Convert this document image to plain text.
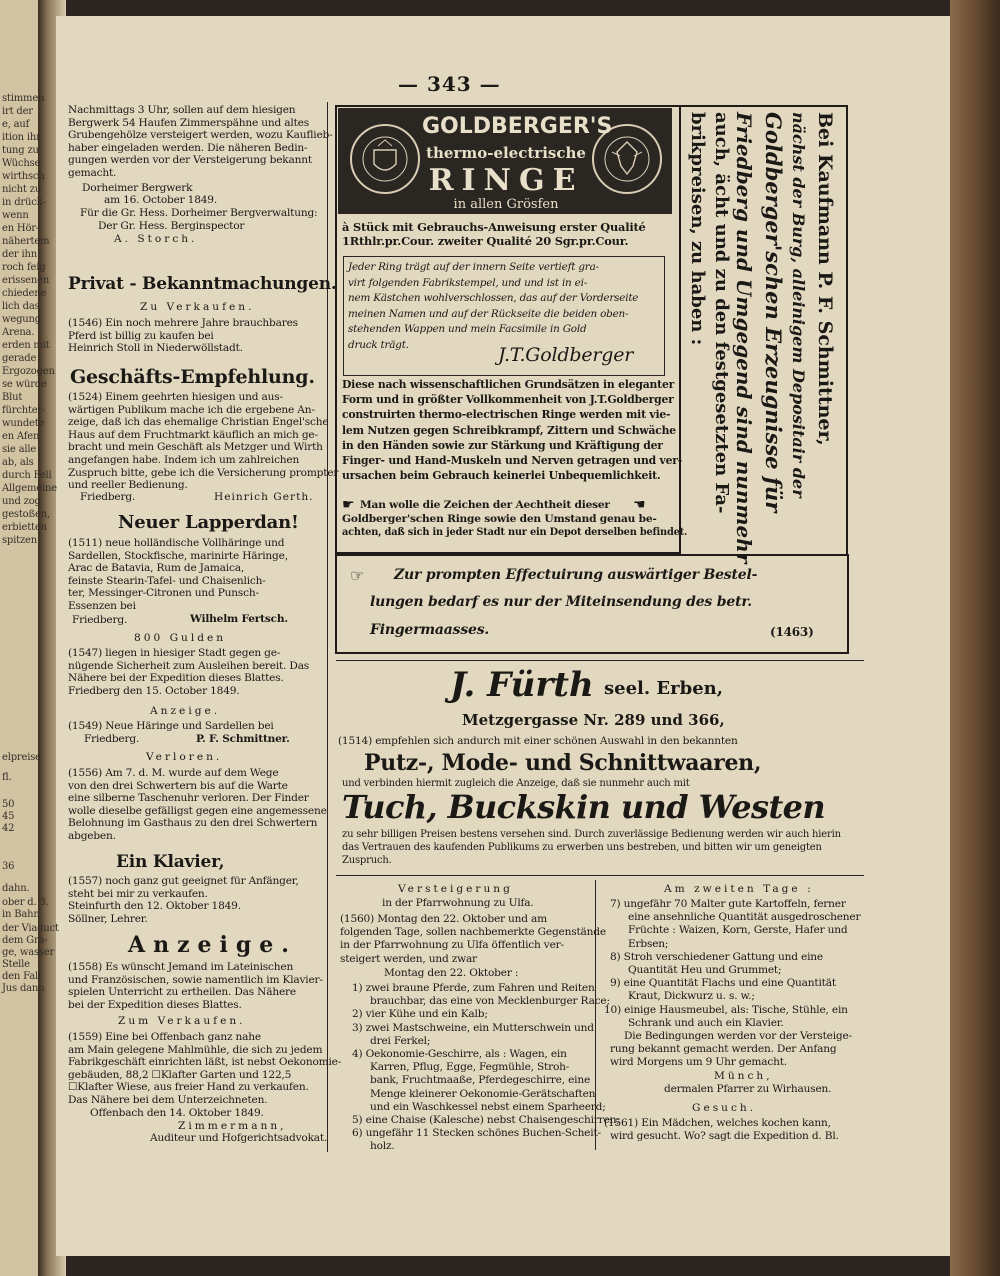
stimmen
irt der
e, auf
ition ihr
tung zu
Wüchse
wirthsch
nicht zu
in drück-
wenn
en Hör-
nähertem
der ihn
roch feig
erissenen
chiedene
lich das
wegung
Arena.
erden mit
gerade
Ergozogen
se würde
Blut
fürchter-
wundete
en Afen
sie alle
ab, als
durch Fell
Allgemeine
und zog
gestoßen,
erbietten
spitzen
elpreise
fl.
50
45
42
36
dahn.
ober d. 3.
in Bahn
der Viaduct
dem Gra-
ge, wasser
Stelle
den Fall
Jus dann
— 343 —
Nachmittags 3 Uhr, sollen auf dem hiesigen
Bergwerk 54 Haufen Zimmerspähne und altes
Grubengehölze versteigert werden, wozu Kauflieb-
haber eingeladen werden. Die näheren Bedin-
gungen werden vor der Versteigerung bekannt
gemacht.
Dorheimer Bergwerk
am 16. October 1849.
Für die Gr. Hess. Dorheimer Bergverwaltung:
Der Gr. Hess. Berginspector
A. Storch.
Privat - Bekanntmachungen.
Zu Verkaufen.
(1546) Ein noch mehrere Jahre brauchbares
Pferd ist billig zu kaufen bei
Heinrich Stoll in Niederwöllstadt.
Geschäfts-Empfehlung.
(1524) Einem geehrten hiesigen und aus-
wärtigen Publikum mache ich die ergebene An-
zeige, daß ich das ehemalige Christian Engel'sche
Haus auf dem Fruchtmarkt käuflich an mich ge-
bracht und mein Geschäft als Metzger und Wirth
angefangen habe. Indem ich um zahlreichen
Zuspruch bitte, gebe ich die Versicherung prompter
und reeller Bedienung.
Friedberg.	Heinrich Gerth.
Neuer Lapperdan!
(1511) neue holländische Vollhäringe und
Sardellen, Stockfische, marinirte Häringe,
Arac de Batavia, Rum de Jamaica,
feinste Stearin-Tafel- und Chaisenlich-
ter, Messinger-Citronen und Punsch-
Essenzen bei
Friedberg.	Wilhelm Fertsch.
800 Gulden
(1547) liegen in hiesiger Stadt gegen ge-
nügende Sicherheit zum Ausleihen bereit. Das
Nähere bei der Expedition dieses Blattes.
Friedberg den 15. October 1849.
Anzeige.
(1549) Neue Häringe und Sardellen bei
Friedberg.	P. F. Schmittner.
Verloren.
(1556) Am 7. d. M. wurde auf dem Wege
von den drei Schwertern bis auf die Warte
eine silberne Taschenuhr verloren. Der Finder
wolle dieselbe gefälligst gegen eine angemessene
Belohnung im Gasthaus zu den drei Schwertern
abgeben.
Ein Klavier,
(1557) noch ganz gut geeignet für Anfänger,
steht bei mir zu verkaufen.
Steinfurth den 12. Oktober 1849.
Söllner, Lehrer.
Anzeige.
(1558) Es wünscht Jemand im Lateinischen
und Französischen, sowie namentlich im Klavier-
spielen Unterricht zu ertheilen. Das Nähere
bei der Expedition dieses Blattes.
Zum Verkaufen.
(1559) Eine bei Offenbach ganz nahe
am Main gelegene Mahlmühle, die sich zu jedem
Fabrikgeschäft einrichten läßt, ist nebst Oekonomie-
gebäuden, 88,2 ☐Klafter Garten und 122,5
☐Klafter Wiese, aus freier Hand zu verkaufen.
Das Nähere bei dem Unterzeichneten.
Offenbach den 14. Oktober 1849.
Zimmermann,
Auditeur und Hofgerichtsadvokat.
GOLDBERGER'S
thermo-electrische
RINGE
in allen Grösfen
à Stück mit Gebrauchs-Anweisung erster Qualité
1Rthlr.pr.Cour. zweiter Qualité 20 Sgr.pr.Cour.
Jeder Ring trägt auf der innern Seite vertieft gra-
virt folgenden Fabrikstempel, und und ist in ei-
nem Kästchen wohlverschlossen, das auf der Vorderseite
meinen Namen und auf der Rückseite die beiden oben-
stehenden Wappen und mein Facsimile in Gold
druck trägt.	J.T.Goldberger
Diese nach wissenschaftlichen Grundsätzen in eleganter
Form und in größter Vollkommenheit von J.T.Goldberger
construirten thermo-electrischen Ringe werden mit vie-
lem Nutzen gegen Schreibkrampf, Zittern und Schwäche
in den Händen sowie zur Stärkung und Kräftigung der
Finger- und Hand-Muskeln und Nerven getragen und ver-
ursachen beim Gebrauch keinerlei Unbequemlichkeit.
Man wolle die Zeichen der Aechtheit dieser
Goldberger'schen Ringe sowie den Umstand genau be-
achten, daß sich in jeder Stadt nur ein Depot derselben befindet.
☛	☚
☞
Bei Kaufmann P. F. Schmittner,
nächst der Burg, alleinigem Depositair der
Goldberger'schen Erzeugnisse für
Friedberg und Umgegend sind nunmehr
auch, ächt und zu den festgesetzten Fa-
brikpreisen, zu haben :
Zur prompten Effectuirung auswärtiger Bestel-
lungen bedarf es nur der Miteinsendung des betr.
Fingermaasses.	(1463)
J. Fürth seel. Erben,
Metzgergasse Nr. 289 und 366,
(1514) empfehlen sich andurch mit einer schönen Auswahl in den bekannten
Putz-, Mode- und Schnittwaaren,
und verbinden hiermit zugleich die Anzeige, daß sie nunmehr auch mit
Tuch, Buckskin und Westen
zu sehr billigen Preisen bestens versehen sind. Durch zuverlässige Bedienung werden wir auch hierin
das Vertrauen des kaufenden Publikums zu erwerben uns bestreben, und bitten wir um geneigten
Zuspruch.
Versteigerung
in der Pfarrwohnung zu Ulfa.
(1560) Montag den 22. Oktober und am
folgenden Tage, sollen nachbemerkte Gegenstände
in der Pfarrwohnung zu Ulfa öffentlich ver-
steigert werden, und zwar
Montag den 22. Oktober :
1) zwei braune Pferde, zum Fahren und Reiten
brauchbar, das eine von Mecklenburger Race;
2) vier Kühe und ein Kalb;
3) zwei Mastschweine, ein Mutterschwein und
drei Ferkel;
4) Oekonomie-Geschirre, als : Wagen, ein
Karren, Pflug, Egge, Fegmühle, Stroh-
bank, Fruchtmaaße, Pferdegeschirre, eine
Menge kleinerer Oekonomie-Gerätschaften
und ein Waschkessel nebst einem Sparheerd;
5) eine Chaise (Kalesche) nebst Chaisengeschirren;
6) ungefähr 11 Stecken schönes Buchen-Scheit-
holz.
Am zweiten Tage :
7) ungefähr 70 Malter gute Kartoffeln, ferner
eine ansehnliche Quantität ausgedroschener
Früchte : Waizen, Korn, Gerste, Hafer und
Erbsen;
8) Stroh verschiedener Gattung und eine
Quantität Heu und Grummet;
9) eine Quantität Flachs und eine Quantität
Kraut, Dickwurz u. s. w.;
10) einige Hausmeubel, als: Tische, Stühle, ein
Schrank und auch ein Klavier.
Die Bedingungen werden vor der Versteige-
rung bekannt gemacht werden. Der Anfang
wird Morgens um 9 Uhr gemacht.
Münch,
dermalen Pfarrer zu Wirhausen.
Gesuch.
(1561) Ein Mädchen, welches kochen kann,
wird gesucht. Wo? sagt die Expedition d. Bl.
